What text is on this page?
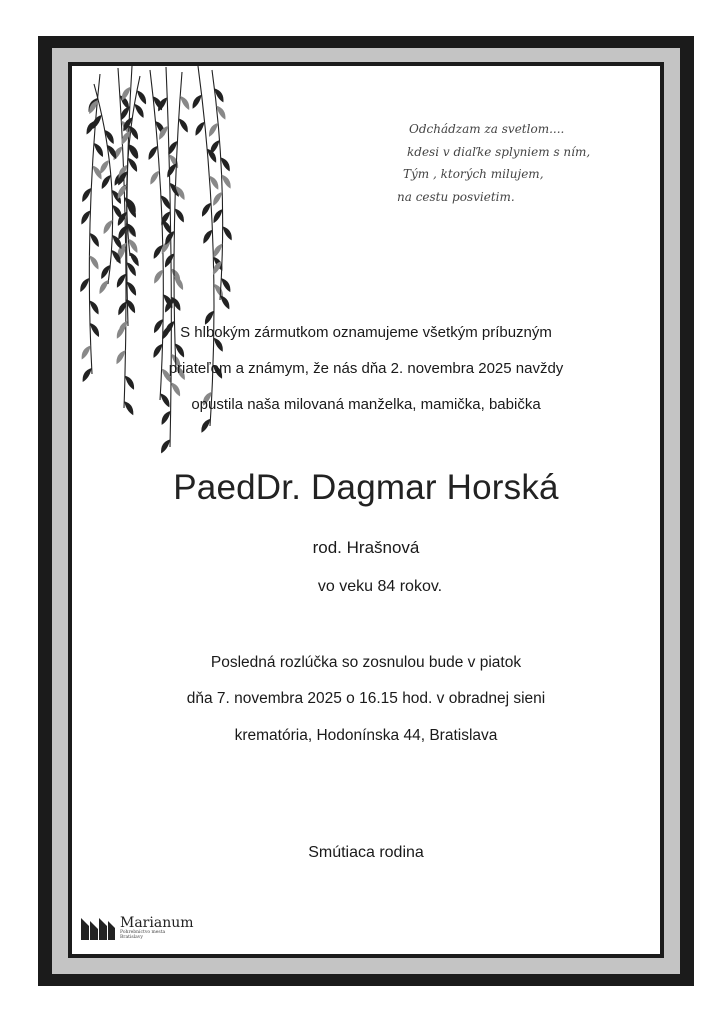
Odchádzam za svetlom....
kdesi v diaľke splyniem s ním,
Tým , ktorých milujem,
na cestu posvietim.
S hlbokým zármutkom oznamujeme všetkým príbuzným
priateľom a známym, že nás dňa 2. novembra 2025 navždy
opustila naša milovaná manželka, mamička, babička
PaedDr. Dagmar Horská
rod. Hrašnová
vo veku 84 rokov.
Posledná rozlúčka so zosnulou bude v piatok
dňa 7. novembra 2025 o 16.15 hod. v obradnej sieni
krematória, Hodonínska 44, Bratislava
Smútiaca rodina
Marianum
Pohrebníctvo mesta Bratislavy
